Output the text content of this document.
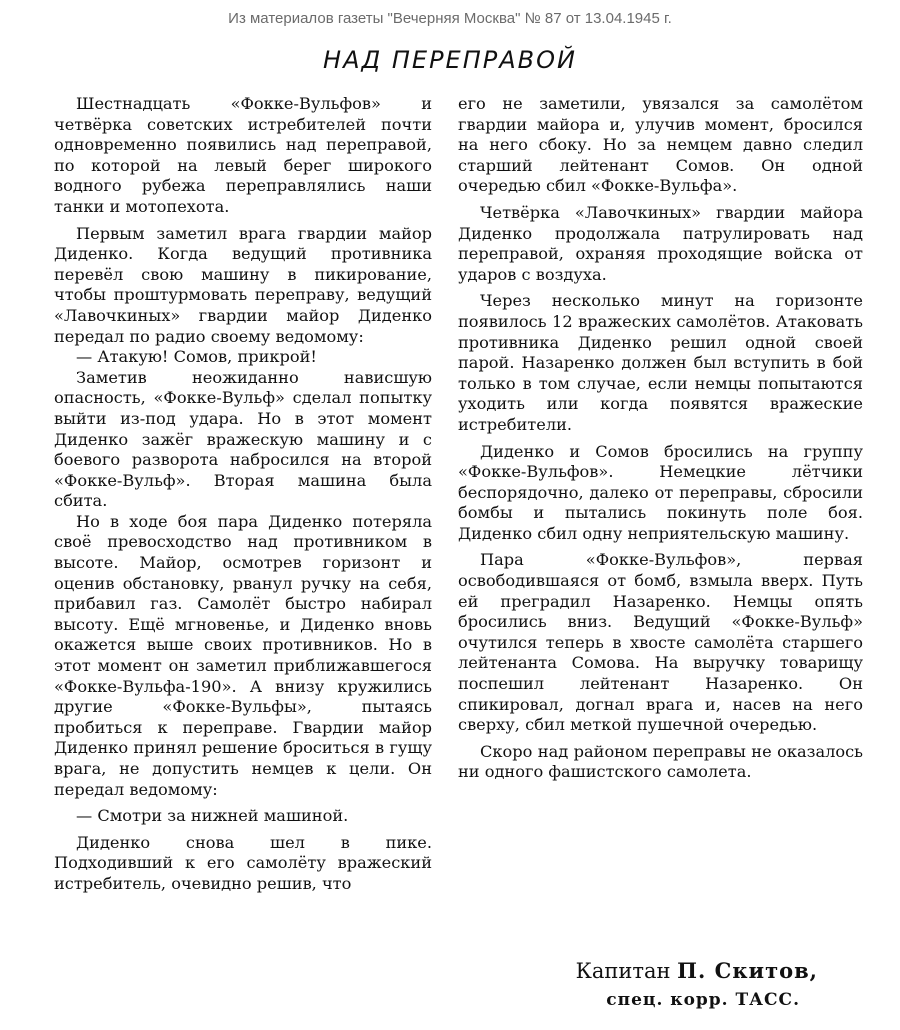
Из материалов газеты "Вечерняя Москва" № 87 от 13.04.1945 г.
НАД ПЕРЕПРАВОЙ

Шестнадцать «Фокке-Вульфов» и четвёрка советских истребителей почти одновременно появились над переправой, по которой на левый берег широкого водного рубежа переправлялись наши танки и мотопехота.

Первым заметил врага гвардии майор Диденко. Когда ведущий противника перевёл свою машину в пикирование, чтобы проштурмовать переправу, ведущий «Лавочкиных» гвардии майор Диденко передал по радио своему ведомому:

— Атакую! Сомов, прикрой!

Заметив неожиданно нависшую опасность, «Фокке-Вульф» сделал попытку выйти из-под удара. Но в этот момент Диденко зажёг вражескую машину и с боевого разворота набросился на второй «Фокке-Вульф». Вторая машина была сбита.

Но в ходе боя пара Диденко потеряла своё превосходство над противником в высоте. Майор, осмотрев горизонт и оценив обстановку, рванул ручку на себя, прибавил газ. Самолёт быстро набирал высоту. Ещё мгновенье, и Диденко вновь окажется выше своих противников. Но в этот момент он заметил приближавшегося «Фокке-Вульфа-190». А внизу кружились другие «Фокке-Вульфы», пытаясь пробиться к переправе. Гвардии майор Диденко принял решение броситься в гущу врага, не допустить немцев к цели. Он передал ведомому:

— Смотри за нижней машиной.

Диденко снова шел в пике. Подходивший к его самолёту вражеский истребитель, очевидно решив, что

его не заметили, увязался за самолётом гвардии майора и, улучив момент, бросился на него сбоку. Но за немцем давно следил старший лейтенант Сомов. Он одной очередью сбил «Фокке-Вульфа».

Четвёрка «Лавочкиных» гвардии майора Диденко продолжала патрулировать над переправой, охраняя проходящие войска от ударов с воздуха.

Через несколько минут на горизонте появилось 12 вражеских самолётов. Атаковать противника Диденко решил одной своей парой. Назаренко должен был вступить в бой только в том случае, если немцы попытаются уходить или когда появятся вражеские истребители.

Диденко и Сомов бросились на группу «Фокке-Вульфов». Немецкие лётчики беспорядочно, далеко от переправы, сбросили бомбы и пытались покинуть поле боя. Диденко сбил одну неприятельскую машину.

Пара «Фокке-Вульфов», первая освободившаяся от бомб, взмыла вверх. Путь ей преградил Назаренко. Немцы опять бросились вниз. Ведущий «Фокке-Вульф» очутился теперь в хвосте самолёта старшего лейтенанта Сомова. На выручку товарищу поспешил лейтенант Назаренко. Он спикировал, догнал врага и, насев на него сверху, сбил меткой пушечной очередью.

Скоро над районом переправы не оказалось ни одного фашистского самолета.

Капитан П. Скитов,
спец. корр. ТАСС.
